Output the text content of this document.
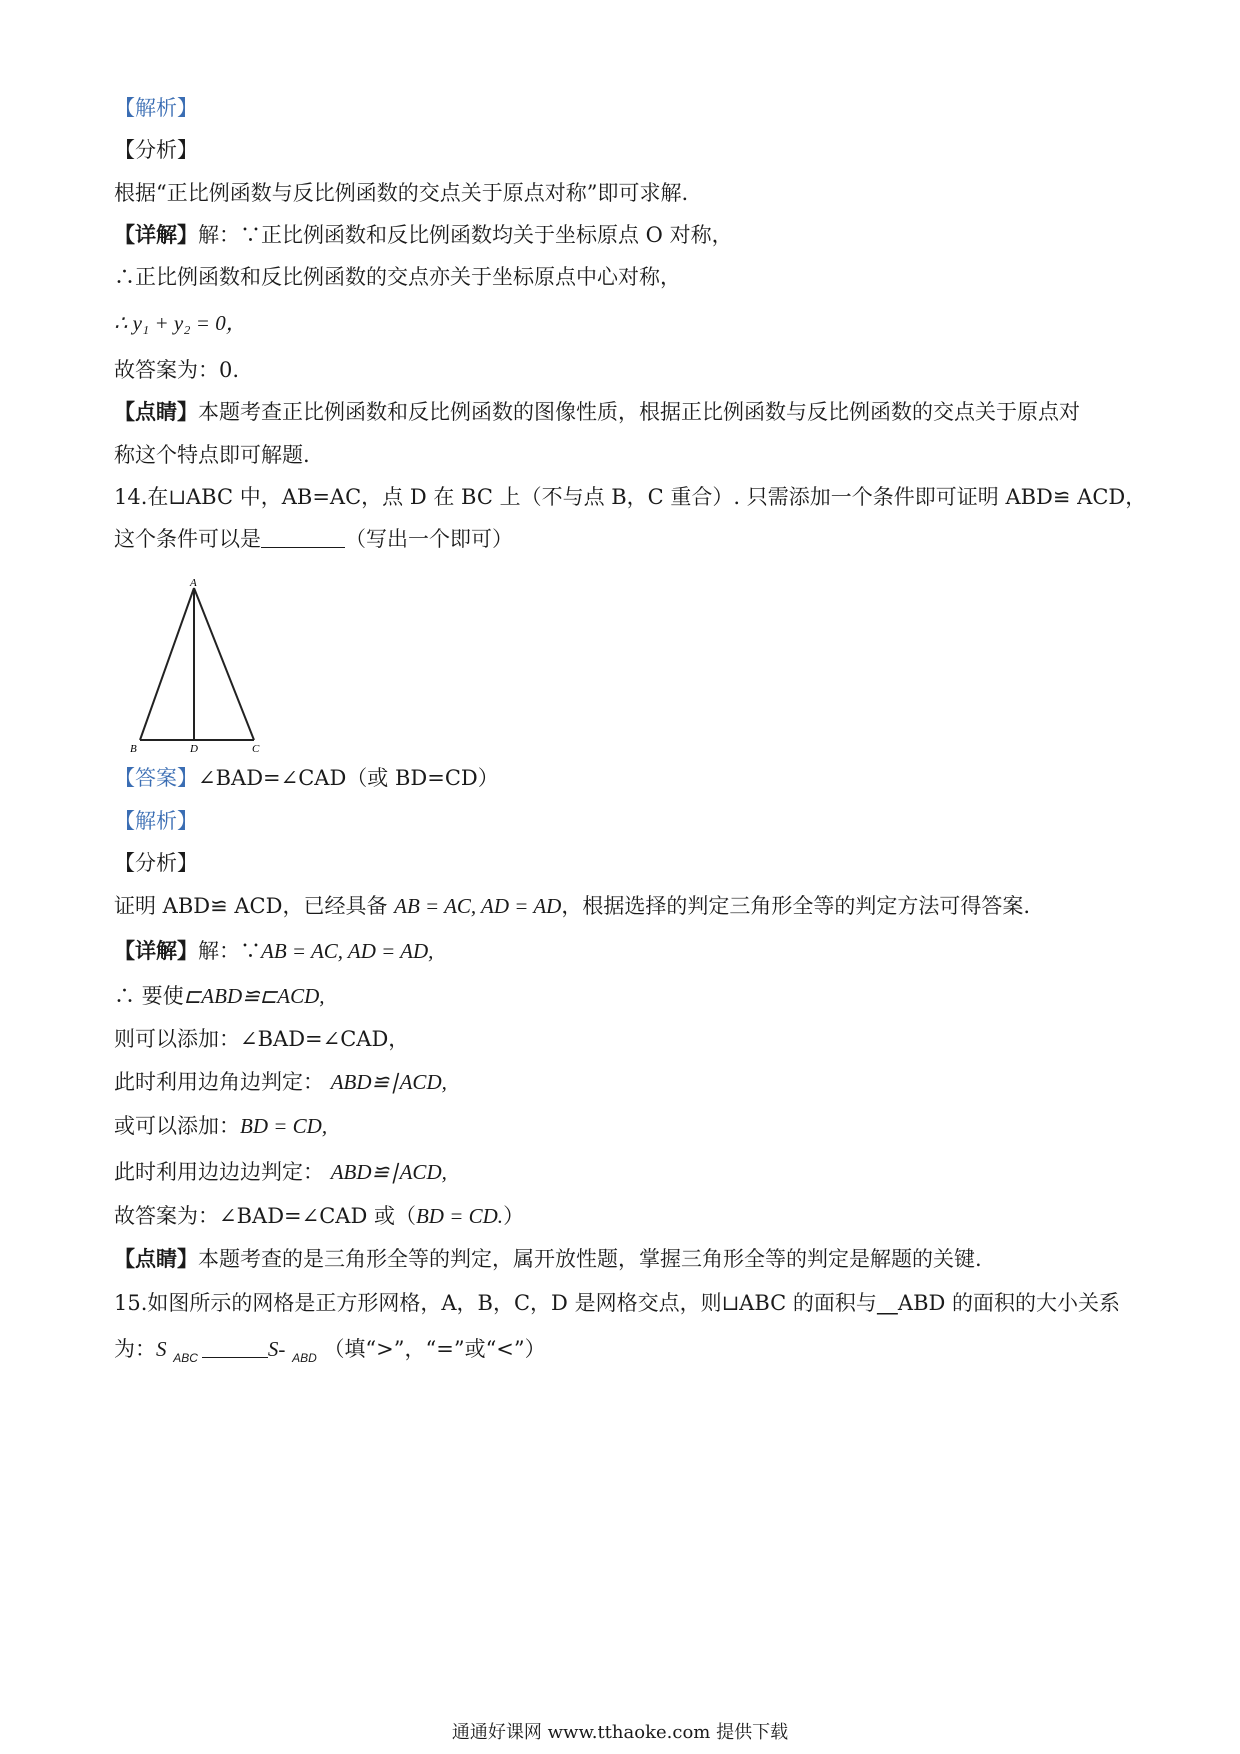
【解析】
【分析】
根据“正比例函数与反比例函数的交点关于原点对称”即可求解.
【详解】解：∵正比例函数和反比例函数均关于坐标原点 O 对称，
∴正比例函数和反比例函数的交点亦关于坐标原点中心对称，
∴ y₁ + y₂ = 0，
故答案为：0.
【点睛】本题考查正比例函数和反比例函数的图像性质，根据正比例函数与反比例函数的交点关于原点对
称这个特点即可解题.
14.在⊔ABC 中，AB=AC，点 D 在 BC 上（不与点 B，C 重合）. 只需添加一个条件即可证明 ABD≌ ACD，
这个条件可以是	（写出一个即可）
A
B	D	C
【答案】∠BAD=∠CAD（或 BD=CD）
【解析】
【分析】
证明 ABD≌ ACD，已经具备 AB = AC, AD = AD，根据选择的判定三角形全等的判定方法可得答案.
【详解】解：∵AB = AC, AD = AD,
∴ 要使⊏ABD≌⊏ACD,
则可以添加：∠BAD=∠CAD，
此时利用边角边判定： ABD≌∣ACD,
或可以添加：BD = CD,
此时利用边边边判定： ABD≌∣ACD,
故答案为：∠BAD=∠CAD 或（BD = CD.）
【点睛】本题考查的是三角形全等的判定，属开放性题，掌握三角形全等的判定是解题的关键.
15.如图所示的网格是正方形网格，A，B，C，D 是网格交点，则⊔ABC 的面积与⎽ABD 的面积的大小关系
为：S $_{ABC}$	S- $_{ABD}$ （填“>”，“=”或“<”）
通通好课网 www.tthaoke.com 提供下载
